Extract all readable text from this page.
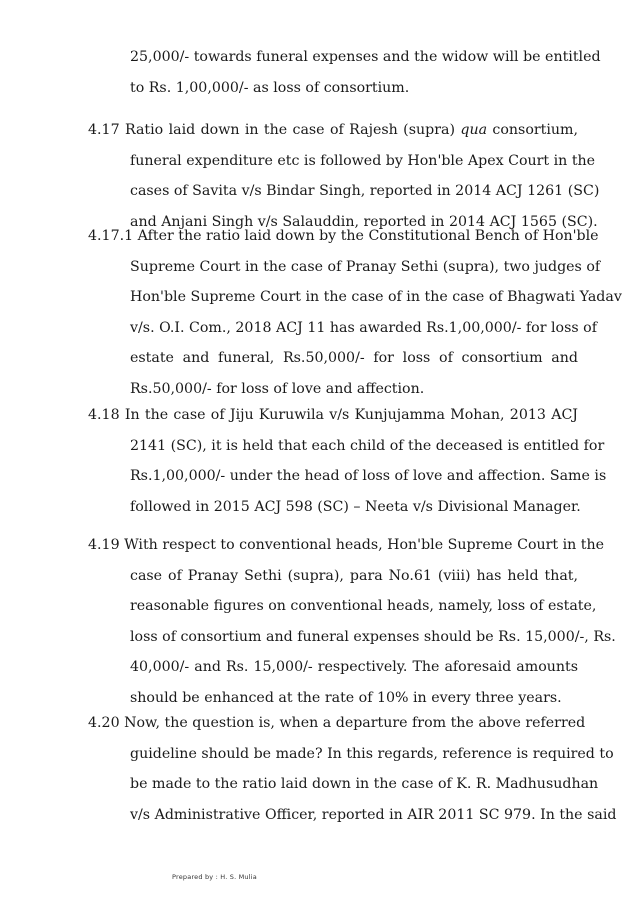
25,000/- towards funeral expenses and the widow will be entitled
to Rs. 1,00,000/- as loss of consortium.
4.17 Ratio laid down in the case of Rajesh (supra) qua consortium,
funeral expenditure etc is followed by Hon'ble Apex Court in the
cases of Savita v/s Bindar Singh, reported in 2014 ACJ 1261 (SC)
and Anjani Singh v/s Salauddin, reported in 2014 ACJ 1565 (SC).
4.17.1 After the ratio laid down by the Constitutional Bench of Hon'ble
Supreme Court in the case of Pranay Sethi (supra), two judges of
Hon'ble Supreme Court in the case of in the case of Bhagwati Yadav
v/s. O.I. Com., 2018 ACJ 11 has awarded Rs.1,00,000/- for loss of
estate and funeral, Rs.50,000/- for loss of consortium and
Rs.50,000/- for loss of love and affection.
4.18 In the case of Jiju Kuruwila v/s Kunjujamma Mohan, 2013 ACJ
2141 (SC), it is held that each child of the deceased is entitled for
Rs.1,00,000/- under the head of loss of love and affection. Same is
followed in 2015 ACJ 598 (SC) – Neeta v/s Divisional Manager.
4.19 With respect to conventional heads, Hon'ble Supreme Court in the
case of Pranay Sethi (supra), para No.61 (viii) has held that,
reasonable figures on conventional heads, namely, loss of estate,
loss of consortium and funeral expenses should be Rs. 15,000/-, Rs.
40,000/- and Rs. 15,000/- respectively. The aforesaid amounts
should be enhanced at the rate of 10% in every three years.
4.20 Now, the question is, when a departure from the above referred
guideline should be made? In this regards, reference is required to
be made to the ratio laid down in the case of K. R. Madhusudhan
v/s Administrative Officer, reported in AIR 2011 SC 979. In the said
Prepared by : H. S. Mulia
